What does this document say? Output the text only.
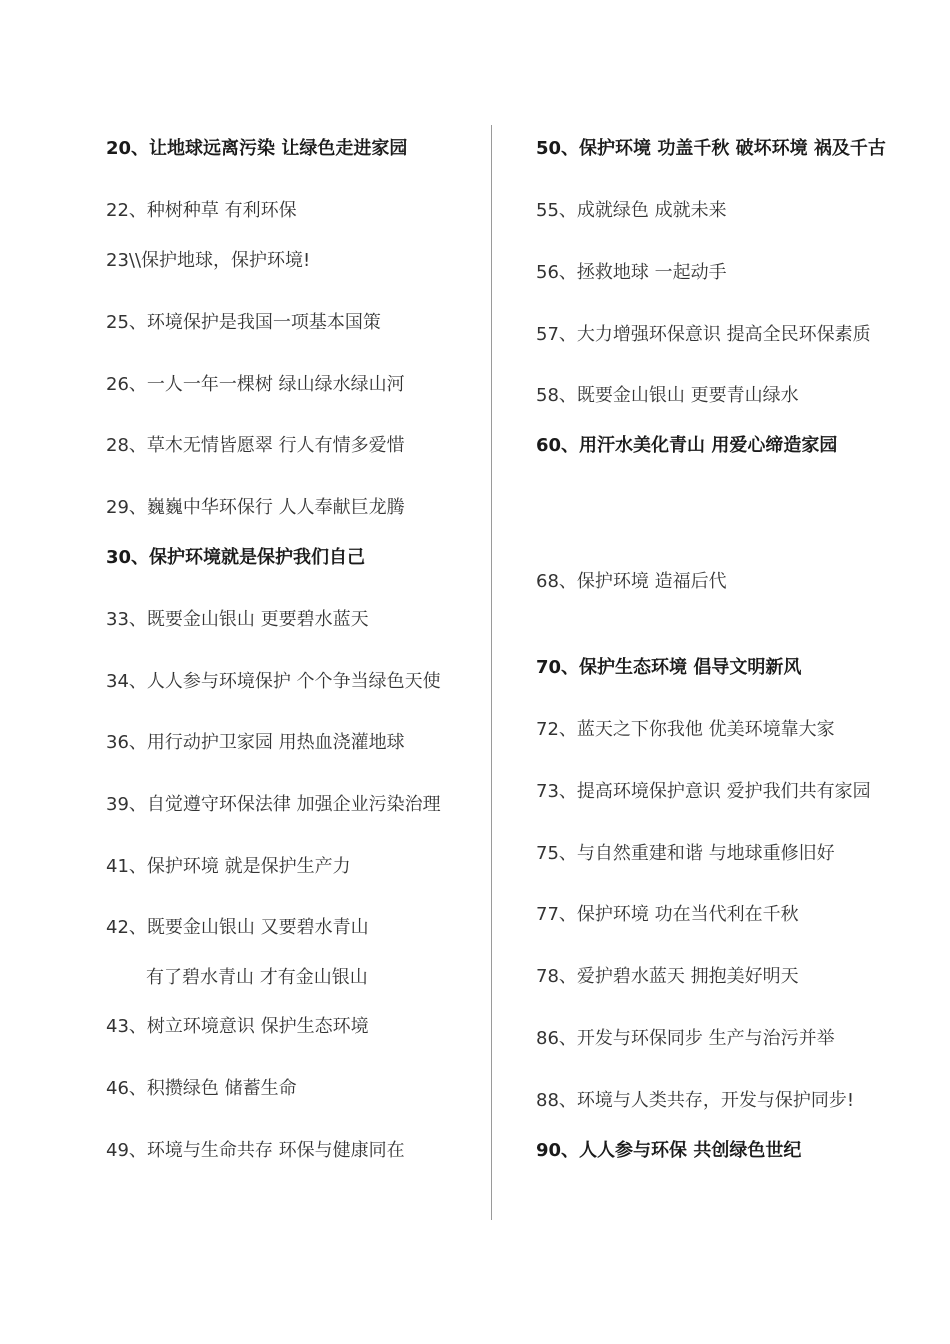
20、让地球远离污染 让绿色走进家园
22、种树种草 有利环保
23\\保护地球，保护环境!
25、环境保护是我国一项基本国策
26、一人一年一棵树 绿山绿水绿山河
28、草木无情皆愿翠 行人有情多爱惜
29、巍巍中华环保行 人人奉献巨龙腾
30、保护环境就是保护我们自己
33、既要金山银山 更要碧水蓝天
34、人人参与环境保护 个个争当绿色天使
36、用行动护卫家园 用热血浇灌地球
39、自觉遵守环保法律 加强企业污染治理
41、保护环境 就是保护生产力
42、既要金山银山 又要碧水青山
有了碧水青山 才有金山银山
43、树立环境意识 保护生态环境
46、积攒绿色 储蓄生命
49、环境与生命共存 环保与健康同在
50、保护环境 功盖千秋 破坏环境 祸及千古
55、成就绿色 成就未来
56、拯救地球 一起动手
57、大力增强环保意识 提高全民环保素质
58、既要金山银山 更要青山绿水
60、用汗水美化青山 用爱心缔造家园
68、保护环境 造福后代
70、保护生态环境 倡导文明新风
72、蓝天之下你我他 优美环境靠大家
73、提高环境保护意识 爱护我们共有家园
75、与自然重建和谐 与地球重修旧好
77、保护环境 功在当代利在千秋
78、爱护碧水蓝天 拥抱美好明天
86、开发与环保同步 生产与治污并举
88、环境与人类共存，开发与保护同步!
90、人人参与环保 共创绿色世纪
